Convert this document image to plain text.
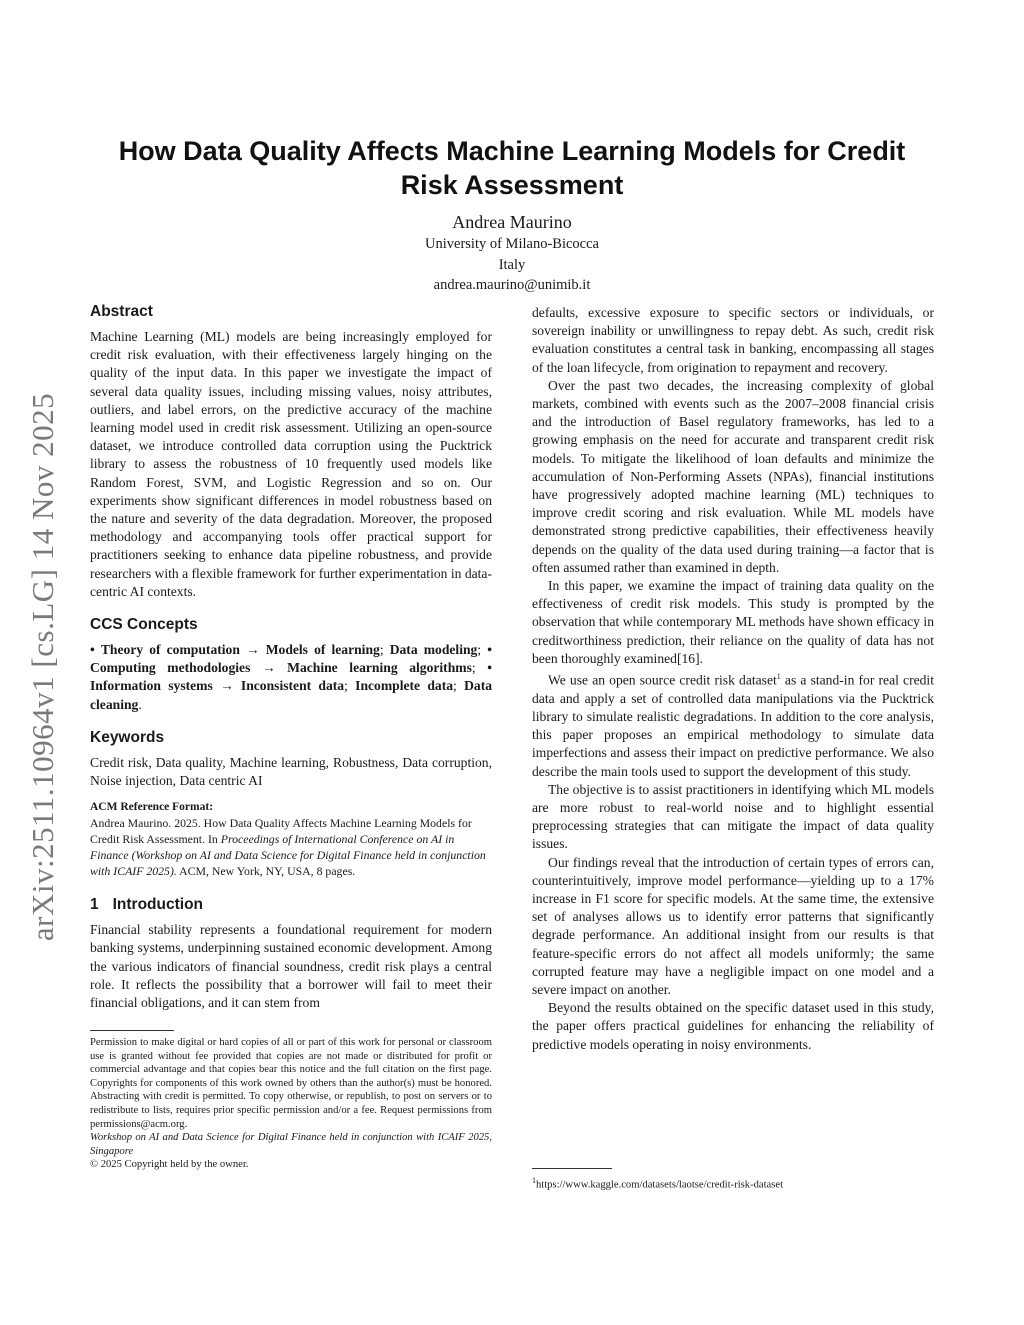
arXiv:2511.10964v1 [cs.LG] 14 Nov 2025
How Data Quality Affects Machine Learning Models for Credit Risk Assessment
Andrea Maurino
University of Milano-Bicocca
Italy
andrea.maurino@unimib.it
Abstract

Machine Learning (ML) models are being increasingly employed for credit risk evaluation, with their effectiveness largely hinging on the quality of the input data. In this paper we investigate the impact of several data quality issues, including missing values, noisy attributes, outliers, and label errors, on the predictive accuracy of the machine learning model used in credit risk assessment. Utilizing an open-source dataset, we introduce controlled data corruption using the Pucktrick library to assess the robustness of 10 frequently used models like Random Forest, SVM, and Logistic Regression and so on. Our experiments show significant differences in model robustness based on the nature and severity of the data degradation. Moreover, the proposed methodology and accompanying tools offer practical support for practitioners seeking to enhance data pipeline robustness, and provide researchers with a flexible framework for further experimentation in data-centric AI contexts.

CCS Concepts

• Theory of computation → Models of learning; Data modeling; • Computing methodologies → Machine learning algorithms; • Information systems → Inconsistent data; Incomplete data; Data cleaning.

Keywords

Credit risk, Data quality, Machine learning, Robustness, Data corruption, Noise injection, Data centric AI

ACM Reference Format:

Andrea Maurino. 2025. How Data Quality Affects Machine Learning Models for Credit Risk Assessment. In Proceedings of International Conference on AI in Finance (Workshop on AI and Data Science for Digital Finance held in conjunction with ICAIF 2025). ACM, New York, NY, USA, 8 pages.

1 Introduction

Financial stability represents a foundational requirement for modern banking systems, underpinning sustained economic development. Among the various indicators of financial soundness, credit risk plays a central role. It reflects the possibility that a borrower will fail to meet their financial obligations, and it can stem from

Permission to make digital or hard copies of all or part of this work for personal or classroom use is granted without fee provided that copies are not made or distributed for profit or commercial advantage and that copies bear this notice and the full citation on the first page. Copyrights for components of this work owned by others than the author(s) must be honored. Abstracting with credit is permitted. To copy otherwise, or republish, to post on servers or to redistribute to lists, requires prior specific permission and/or a fee. Request permissions from permissions@acm.org.

Workshop on AI and Data Science for Digital Finance held in conjunction with ICAIF 2025, Singapore

© 2025 Copyright held by the owner.

defaults, excessive exposure to specific sectors or individuals, or sovereign inability or unwillingness to repay debt. As such, credit risk evaluation constitutes a central task in banking, encompassing all stages of the loan lifecycle, from origination to repayment and recovery.

Over the past two decades, the increasing complexity of global markets, combined with events such as the 2007–2008 financial crisis and the introduction of Basel regulatory frameworks, has led to a growing emphasis on the need for accurate and transparent credit risk models. To mitigate the likelihood of loan defaults and minimize the accumulation of Non-Performing Assets (NPAs), financial institutions have progressively adopted machine learning (ML) techniques to improve credit scoring and risk evaluation. While ML models have demonstrated strong predictive capabilities, their effectiveness heavily depends on the quality of the data used during training—a factor that is often assumed rather than examined in depth.

In this paper, we examine the impact of training data quality on the effectiveness of credit risk models. This study is prompted by the observation that while contemporary ML methods have shown efficacy in creditworthiness prediction, their reliance on the quality of data has not been thoroughly examined[16].

We use an open source credit risk dataset$^1$ as a stand-in for real credit data and apply a set of controlled data manipulations via the Pucktrick library to simulate realistic degradations. In addition to the core analysis, this paper proposes an empirical methodology to simulate data imperfections and assess their impact on predictive performance. We also describe the main tools used to support the development of this study.

The objective is to assist practitioners in identifying which ML models are more robust to real-world noise and to highlight essential preprocessing strategies that can mitigate the impact of data quality issues.

Our findings reveal that the introduction of certain types of errors can, counterintuitively, improve model performance—yielding up to a 17% increase in F1 score for specific models. At the same time, the extensive set of analyses allows us to identify error patterns that significantly degrade performance. An additional insight from our results is that feature-specific errors do not affect all models uniformly; the same corrupted feature may have a negligible impact on one model and a severe impact on another.

Beyond the results obtained on the specific dataset used in this study, the paper offers practical guidelines for enhancing the reliability of predictive models operating in noisy environments.

$^1$https://www.kaggle.com/datasets/laotse/credit-risk-dataset
